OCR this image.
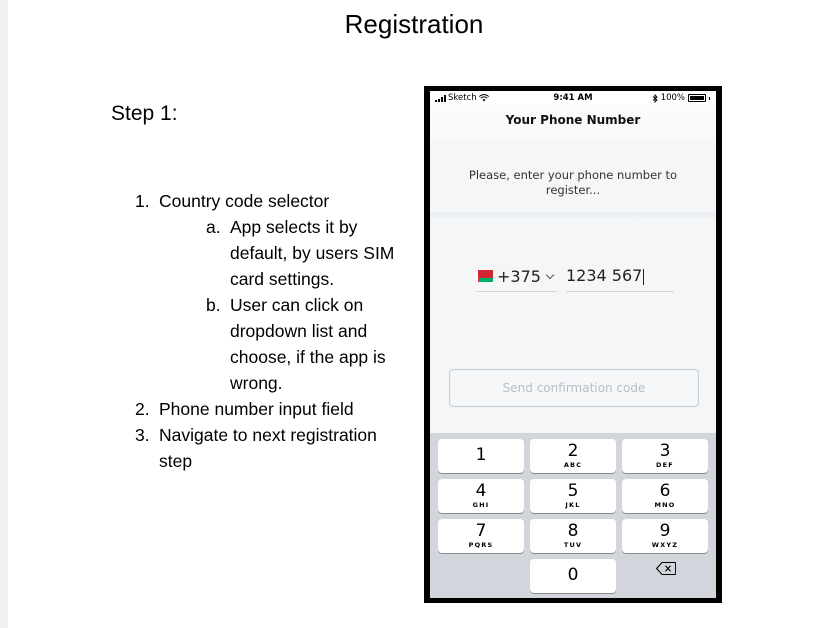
Registration
Step 1:
1. Country code selector
a. App selects it by default, by users SIM card settings.
b. User can click on dropdown list and choose, if the app is wrong.
2. Phone number input field
3. Navigate to next registration step
Sketch	9:41 AM	100%
Your Phone Number
Please, enter your phone number to register...
+375 1234 567
Send confirmation code
1	2
ABC
3
DEF
4
GHI
5
JKL
6
MNO
7
PQRS
8
TUV
9
WXYZ
0
